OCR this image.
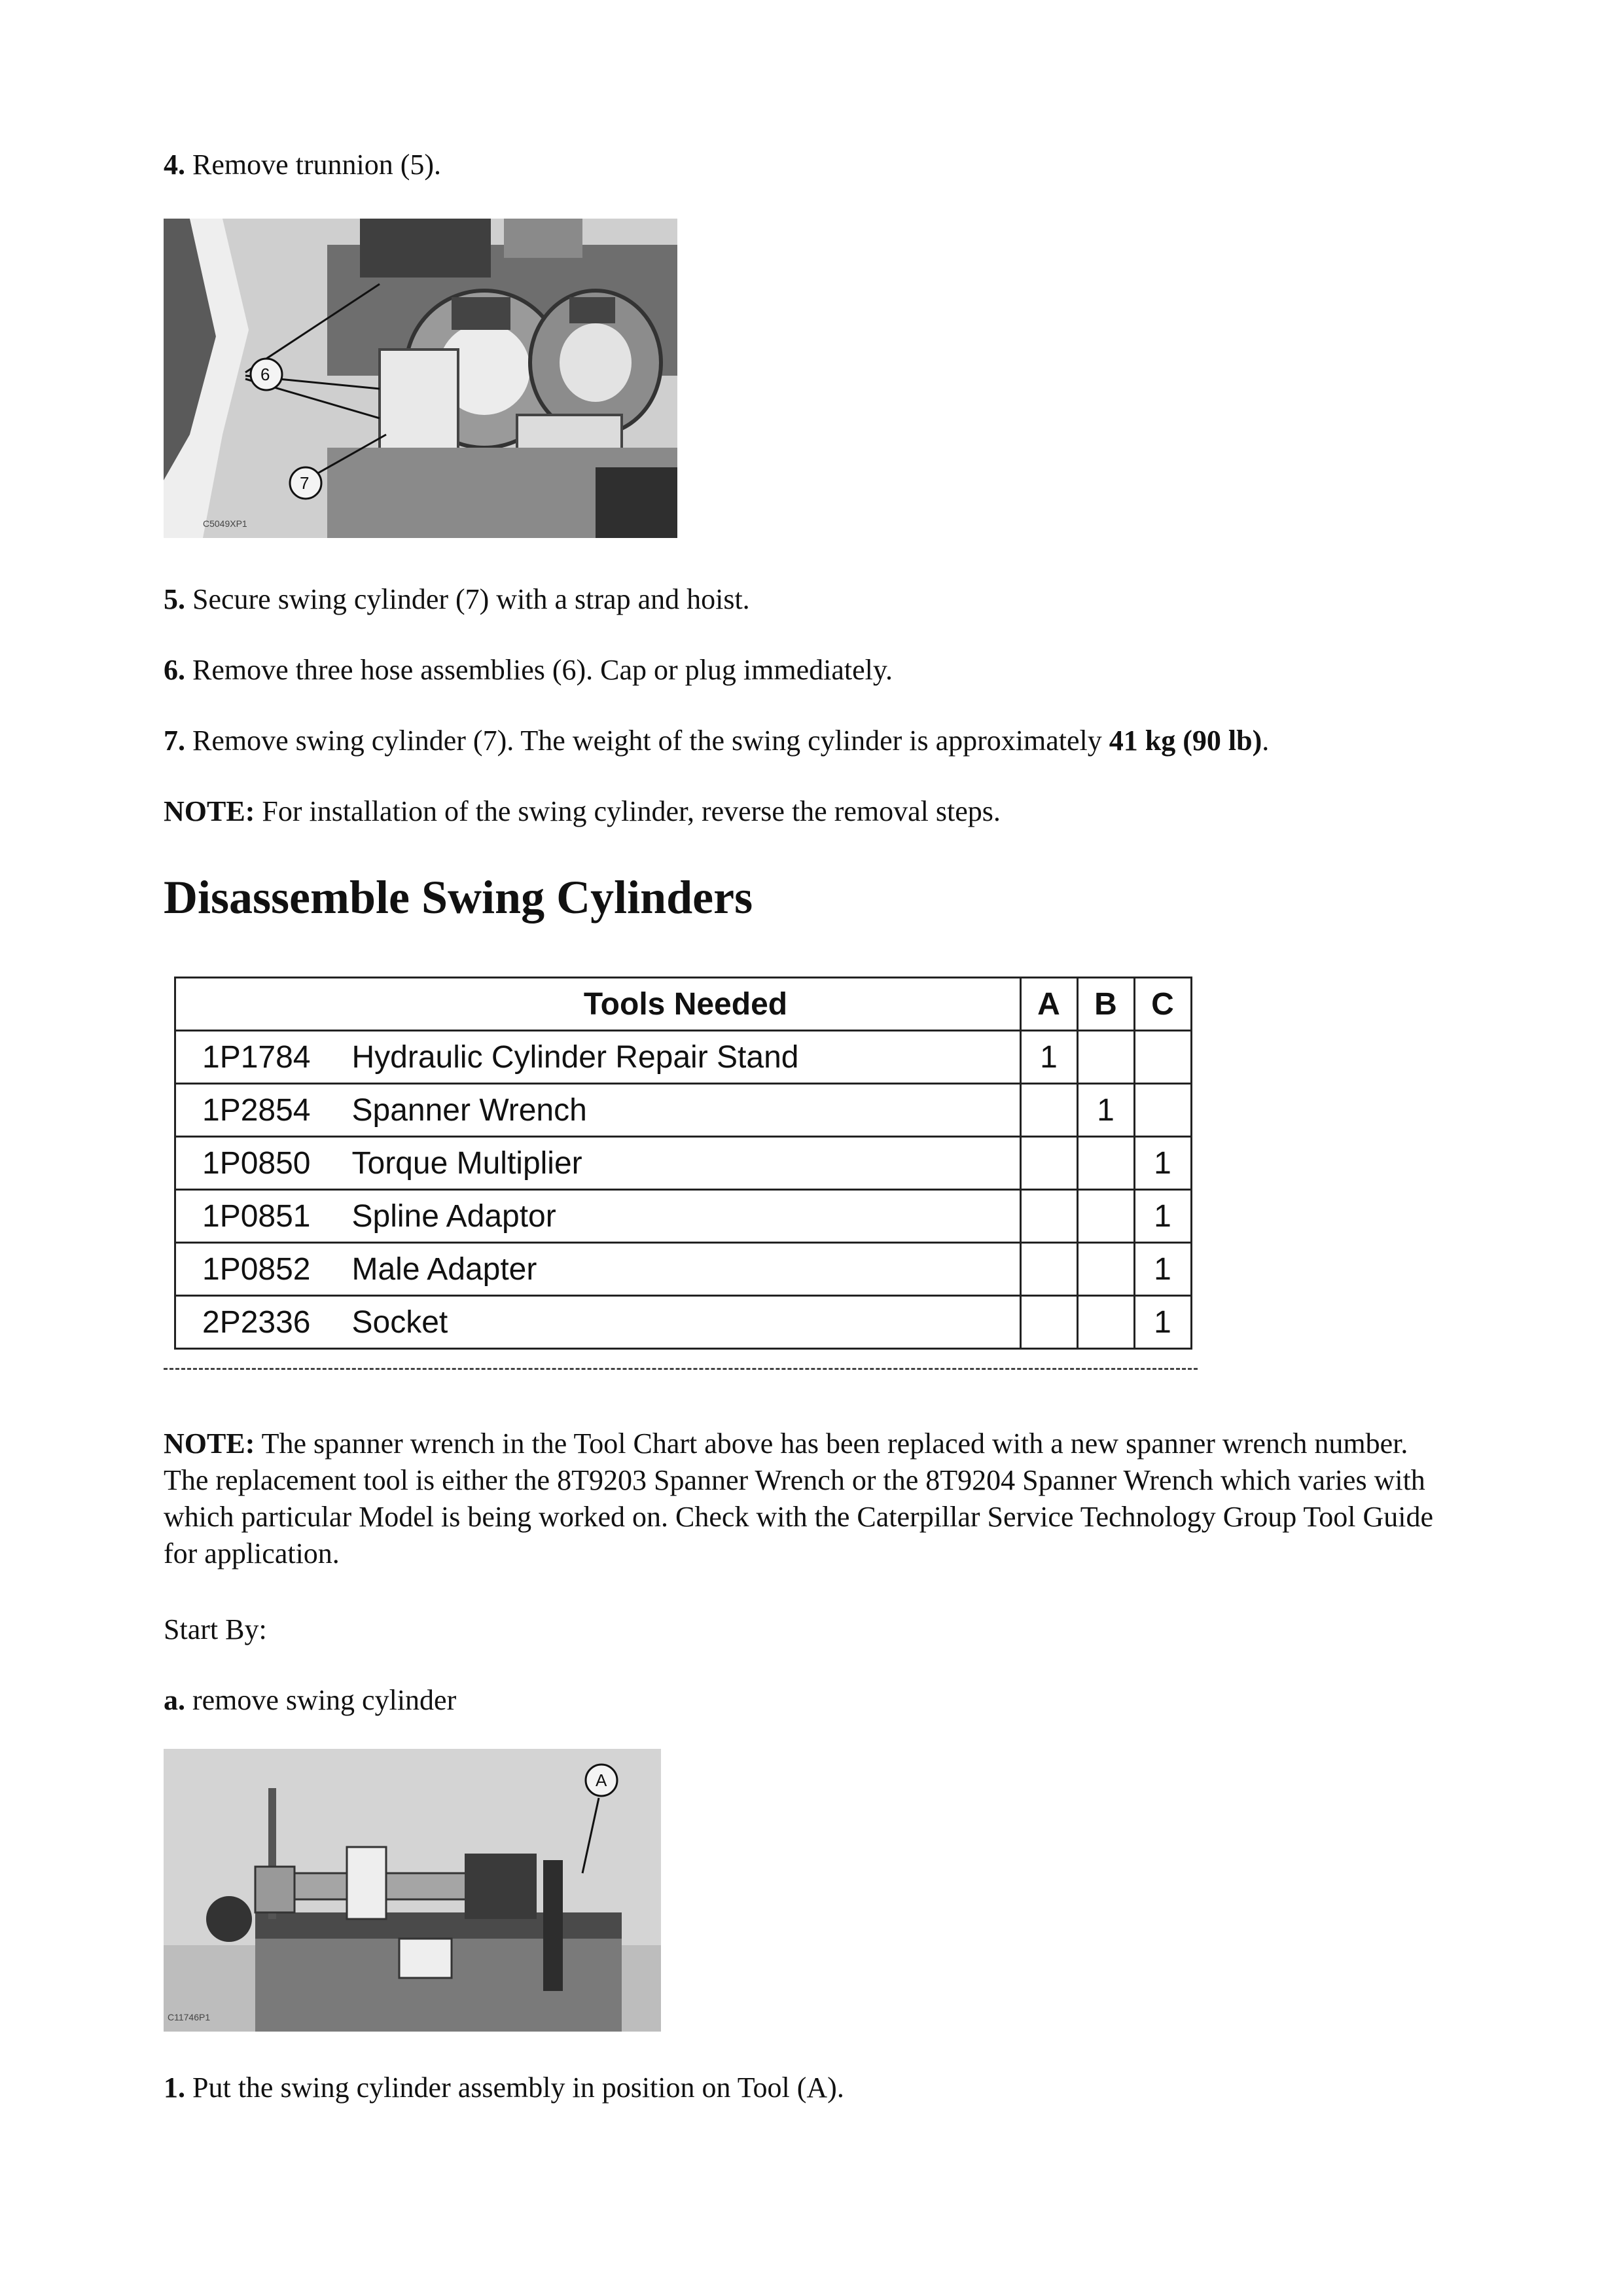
4. Remove trunnion (5).

6
7
C5049XP1

5. Secure swing cylinder (7) with a strap and hoist.

6. Remove three hose assemblies (6). Cap or plug immediately.

7. Remove swing cylinder (7). The weight of the swing cylinder is approximately 41 kg (90 lb).

NOTE: For installation of the swing cylinder, reverse the removal steps.

Disassemble Swing Cylinders
	Tools Needed	A	B	C
1P1784	Hydraulic Cylinder Repair Stand	1		
1P2854	Spanner Wrench		1	
1P0850	Torque Multiplier			1
1P0851	Spline Adaptor			1
1P0852	Male Adapter			1
2P2336	Socket			1

NOTE: The spanner wrench in the Tool Chart above has been replaced with a new spanner wrench number. The replacement tool is either the 8T9203 Spanner Wrench or the 8T9204 Spanner Wrench which varies with which particular Model is being worked on. Check with the Caterpillar Service Technology Group Tool Guide for application.

Start By:

a. remove swing cylinder

A
C11746P1

1. Put the swing cylinder assembly in position on Tool (A).
